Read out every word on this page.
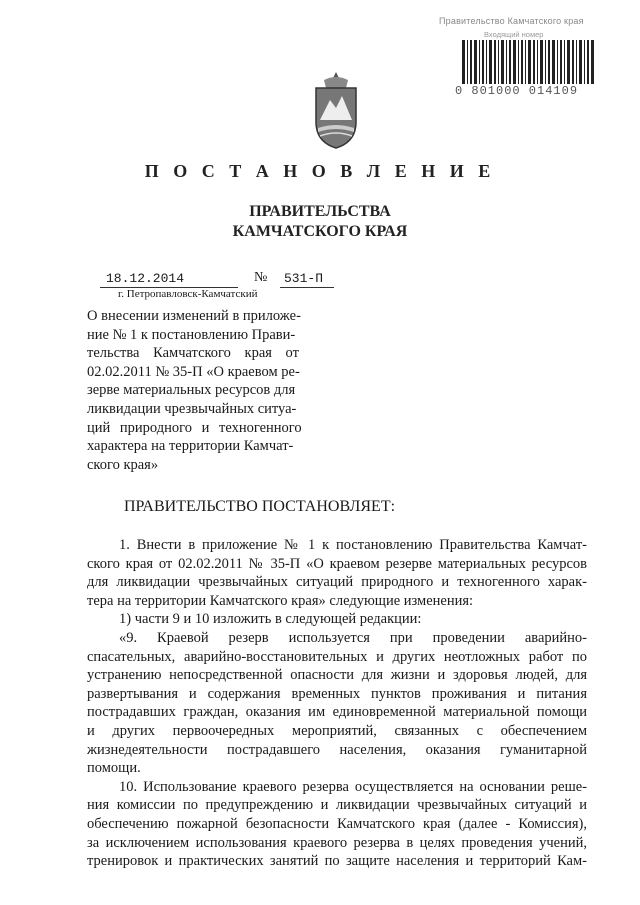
Правительство Камчатского края
Входящий номер
0 801000 014109
П О С Т А Н О В Л Е Н И Е
ПРАВИТЕЛЬСТВА
КАМЧАТСКОГО КРАЯ
18.12.2014	№ 531-П
г. Петропавловск-Камчатский
О внесении изменений в приложе-
ние № 1 к постановлению Прави-
тельства Камчатского края от
02.02.2011 № 35-П «О краевом ре-
зерве материальных ресурсов для
ликвидации чрезвычайных ситуа-
ций природного и техногенного
характера на территории Камчат-
ского края»
ПРАВИТЕЛЬСТВО ПОСТАНОВЛЯЕТ:
1. Внести в приложение № 1 к постановлению Правительства Камчат-
ского края от 02.02.2011 № 35-П «О краевом резерве материальных ресурсов
для ликвидации чрезвычайных ситуаций природного и техногенного харак-
тера на территории Камчатского края» следующие изменения:
1) части 9 и 10 изложить в следующей редакции:
«9. Краевой резерв используется при проведении аварийно-
спасательных, аварийно-восстановительных и других неотложных работ по
устранению непосредственной опасности для жизни и здоровья людей, для
развертывания и содержания временных пунктов проживания и питания
пострадавших граждан, оказания им единовременной материальной помощи
и других первоочередных мероприятий, связанных с обеспечением
жизнедеятельности пострадавшего населения, оказания гуманитарной
помощи.
10. Использование краевого резерва осуществляется на основании реше-
ния комиссии по предупреждению и ликвидации чрезвычайных ситуаций и
обеспечению пожарной безопасности Камчатского края (далее - Комиссия),
за исключением использования краевого резерва в целях проведения учений,
тренировок и практических занятий по защите населения и территорий Кам-
